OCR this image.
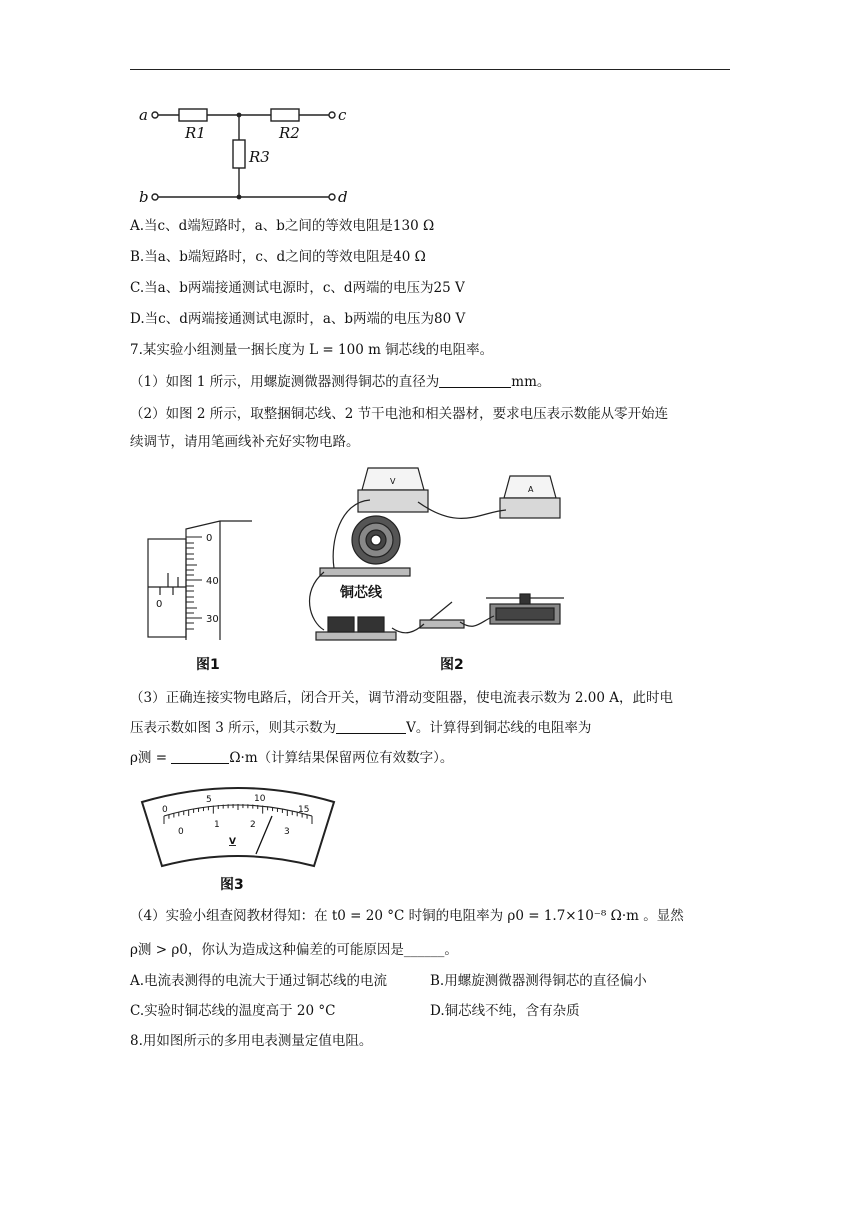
a
b
c
d
R1	R2
R3
A.当c、d端短路时，a、b之间的等效电阻是130 Ω
B.当a、b端短路时，c、d之间的等效电阻是40 Ω
C.当a、b两端接通测试电源时，c、d两端的电压为25 V
D.当c、d两端接通测试电源时，a、b两端的电压为80 V
7.某实验小组测量一捆长度为 L = 100 m 铜芯线的电阻率。
（1）如图 1 所示，用螺旋测微器测得铜芯的直径为	mm。
（2）如图 2 所示，取整捆铜芯线、2 节干电池和相关器材，要求电压表示数能从零开始连
续调节，请用笔画线补充好实物电路。
0
40
30
0
图1
V
A
铜芯线
图2
（3）正确连接实物电路后，闭合开关，调节滑动变阻器，使电流表示数为 2.00 A，此时电
压表示数如图 3 所示，则其示数为	V。计算得到铜芯线的电阻率为
ρ测 =	Ω·m（计算结果保留两位有效数字）。
0
5	10
15
0
1	2
3
V
图3
（4）实验小组查阅教材得知：在 t0 = 20 °C 时铜的电阻率为 ρ0 = 1.7×10⁻⁸ Ω·m 。显然
ρ测 > ρ0，你认为造成这种偏差的可能原因是______。
A.电流表测得的电流大于通过铜芯线的电流	B.用螺旋测微器测得铜芯的直径偏小
C.实验时铜芯线的温度高于 20 °C	D.铜芯线不纯，含有杂质
8.用如图所示的多用电表测量定值电阻。
